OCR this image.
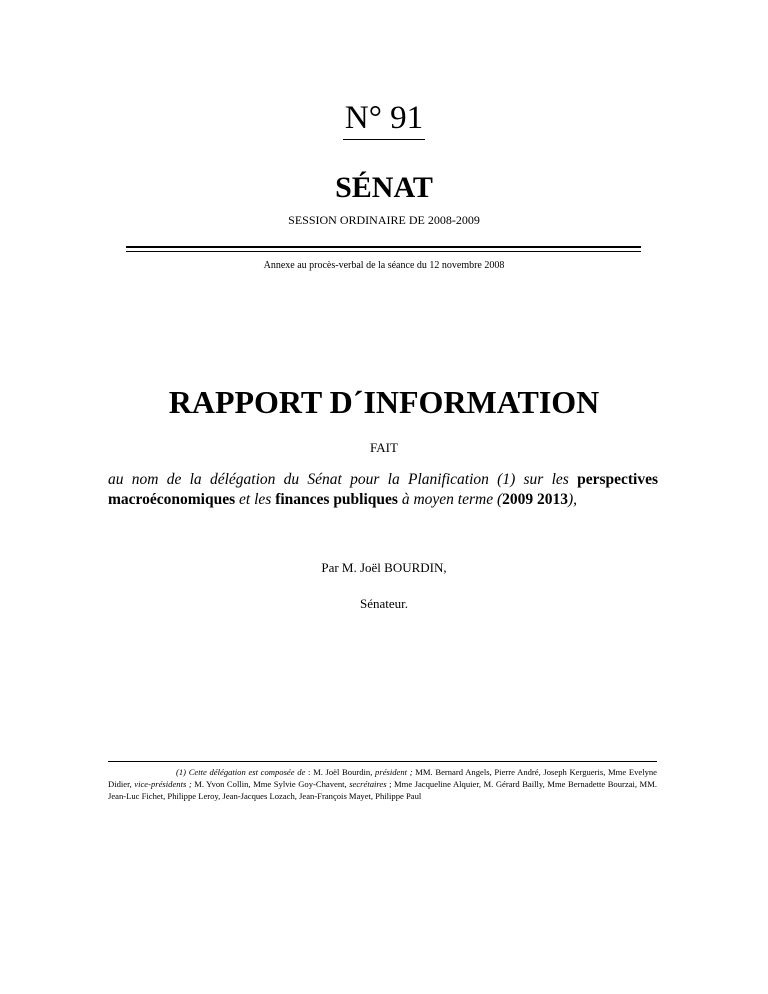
N° 91
SÉNAT

SESSION ORDINAIRE DE 2008-2009

Annexe au procès-verbal de la séance du 12 novembre 2008

RAPPORT D´INFORMATION

FAIT

au nom de la délégation du Sénat pour la Planification (1) sur les perspectives macroéconomiques et les finances publiques à moyen terme (2009 2013),

Par M. Joël BOURDIN,

Sénateur.

(1) Cette délégation est composée de : M. Joël Bourdin, président ; MM. Bernard Angels, Pierre André, Joseph Kergueris, Mme Evelyne Didier, vice-présidents ; M. Yvon Collin, Mme Sylvie Goy-Chavent, secrétaires ; Mme Jacqueline Alquier, M. Gérard Bailly, Mme Bernadette Bourzai, MM. Jean-Luc Fichet, Philippe Leroy, Jean-Jacques Lozach, Jean-François Mayet, Philippe Paul
